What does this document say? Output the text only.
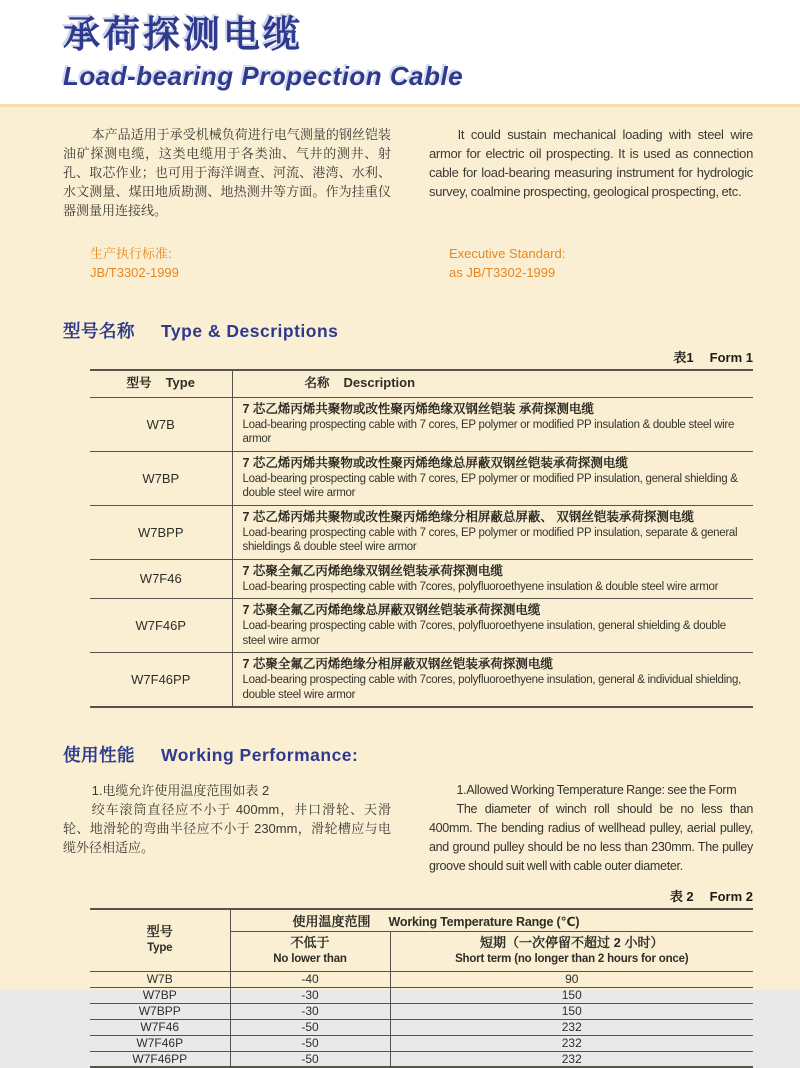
承荷探测电缆
Load-bearing Propection Cable

本产品适用于承受机械负荷进行电气测量的钢丝铠装油矿探测电缆，这类电缆用于各类油、气井的测井、射孔、取芯作业；也可用于海洋调查、河流、港湾、水利、水文测量、煤田地质勘测、地热测井等方面。作为挂重仪器测量用连接线。

It could sustain mechanical loading with steel wire armor for electric oil prospecting. It is used as connection cable for load-bearing measuring instrument for hydrologic survey, coalmine prospecting, geological prospecting, etc.

生产执行标准:
JB/T3302-1999
Executive Standard:
as JB/T3302-1999
型号名称 Type & Descriptions
表1 Form 1
型号 Type	名称 Description
W7B	7 芯乙烯丙烯共聚物或改性聚丙烯绝缘双钢丝铠装 承荷探测电缆
Load-bearing prospecting cable with 7 cores, EP polymer or modified PP insulation & double steel wire armor

W7BP	7 芯乙烯丙烯共聚物或改性聚丙烯绝缘总屏蔽双钢丝铠装承荷探测电缆
Load-bearing prospecting cable with 7 cores, EP polymer or modified PP insulation, general shielding & double steel wire armor

W7BPP	7 芯乙烯丙烯共聚物或改性聚丙烯绝缘分相屏蔽总屏蔽、 双钢丝铠装承荷探测电缆
Load-bearing prospecting cable with 7 cores, EP polymer or modified PP insulation, separate & general shieldings & double steel wire armor

W7F46	7 芯聚全氟乙丙烯绝缘双钢丝铠装承荷探测电缆
Load-bearing prospecting cable with 7cores, polyfluoroethyene insulation & double steel wire armor

W7F46P	7 芯聚全氟乙丙烯绝缘总屏蔽双钢丝铠装承荷探测电缆
Load-bearing prospecting cable with 7cores, polyfluoroethyene insulation, general shielding & double steel wire armor

W7F46PP	7 芯聚全氟乙丙烯绝缘分相屏蔽双钢丝铠装承荷探测电缆
Load-bearing prospecting cable with 7cores, polyfluoroethyene insulation, general & individual shielding, double steel wire armor
使用性能 Working Performance:

1.电缆允许使用温度范围如表 2

绞车滚筒直径应不小于 400mm，井口滑轮、天滑轮、地滑轮的弯曲半径应不小于 230mm，滑轮槽应与电缆外径相适应。

1.Allowed Working Temperature Range: see the Form

The diameter of winch roll should be no less than 400mm. The bending radius of wellhead pulley, aerial pulley, and ground pulley should be no less than 230mm. The pulley groove should suit well with cable outer diameter.

表 2 Form 2
型号
Type	使用温度范围 Working Temperature Range (℃)	

不低于
No lower than

短期（一次停留不超过 2 小时）
Short term (no longer than 2 hours for once)

W7B	-40	90
W7BP	-30	150
W7BPP	-30	150
W7F46	-50	232
W7F46P	-50	232
W7F46PP	-50	232
